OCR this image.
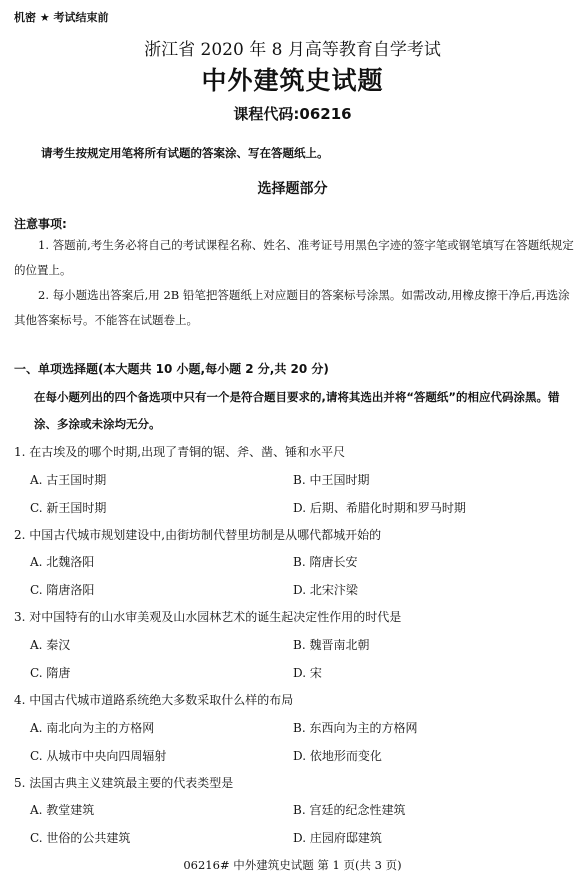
机密 ★ 考试结束前
浙江省 2020 年 8 月高等教育自学考试
中外建筑史试题
课程代码:06216
请考生按规定用笔将所有试题的答案涂、写在答题纸上。
选择题部分
注意事项:
1. 答题前,考生务必将自己的考试课程名称、姓名、准考证号用黑色字迹的签字笔或钢笔填写在答题纸规定的位置上。
2. 每小题选出答案后,用 2B 铅笔把答题纸上对应题目的答案标号涂黑。如需改动,用橡皮擦干净后,再选涂其他答案标号。不能答在试题卷上。
一、单项选择题(本大题共 10 小题,每小题 2 分,共 20 分)
在每小题列出的四个备选项中只有一个是符合题目要求的,请将其选出并将“答题纸”的相应代码涂黑。错涂、多涂或未涂均无分。
1. 在古埃及的哪个时期,出现了青铜的锯、斧、凿、锤和水平尺
A. 古王国时期	B. 中王国时期
C. 新王国时期	D. 后期、希腊化时期和罗马时期
2. 中国古代城市规划建设中,由街坊制代替里坊制是从哪代都城开始的
A. 北魏洛阳	B. 隋唐长安
C. 隋唐洛阳	D. 北宋汴梁
3. 对中国特有的山水审美观及山水园林艺术的诞生起决定性作用的时代是
A. 秦汉	B. 魏晋南北朝
C. 隋唐	D. 宋
4. 中国古代城市道路系统绝大多数采取什么样的布局
A. 南北向为主的方格网	B. 东西向为主的方格网
C. 从城市中央向四周辐射	D. 依地形而变化
5. 法国古典主义建筑最主要的代表类型是
A. 教堂建筑	B. 宫廷的纪念性建筑
C. 世俗的公共建筑	D. 庄园府邸建筑
06216# 中外建筑史试题 第 1 页(共 3 页)
